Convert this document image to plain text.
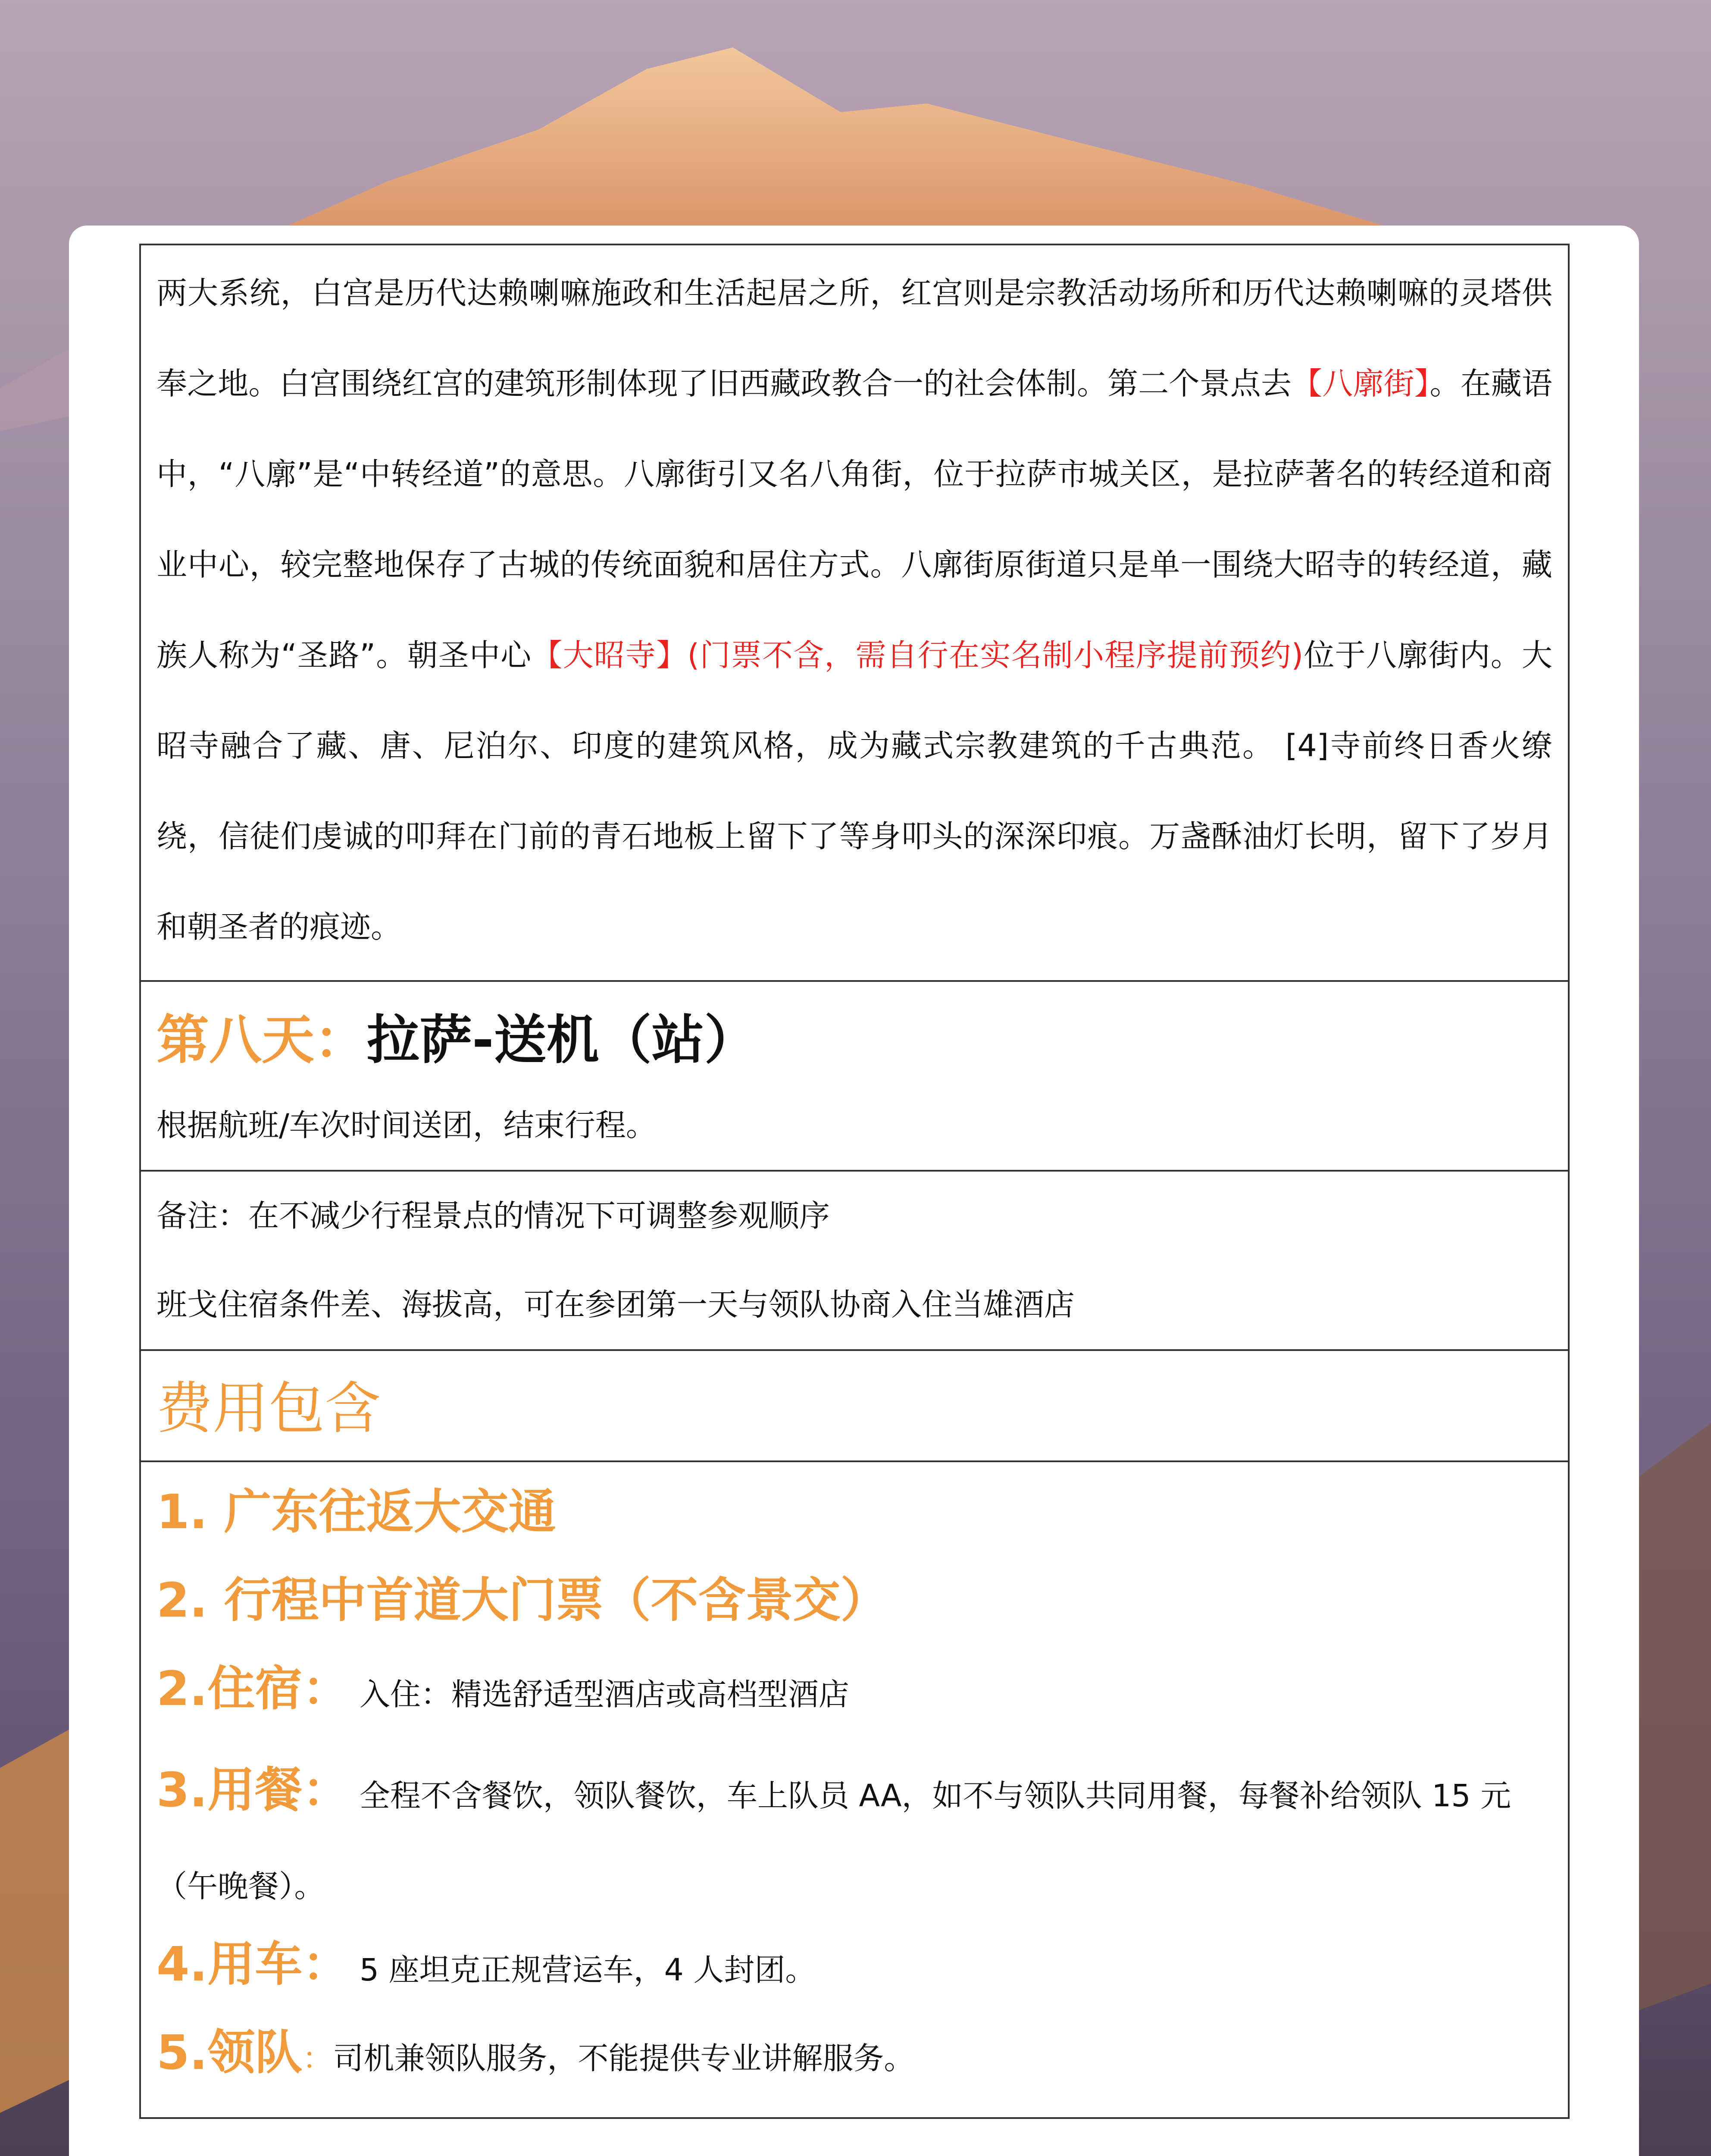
两大系统，白宫是历代达赖喇嘛施政和生活起居之所，红宫则是宗教活动场所和历代达赖喇嘛的灵塔供奉之地。白宫围绕红宫的建筑形制体现了旧西藏政教合一的社会体制。第二个景点去【八廓街】。在藏语中，“八廓”是“中转经道”的意思。八廓街引又名八角街，位于拉萨市城关区，是拉萨著名的转经道和商业中心，较完整地保存了古城的传统面貌和居住方式。八廓街原街道只是单一围绕大昭寺的转经道，藏族人称为“圣路”。朝圣中心【大昭寺】(门票不含，需自行在实名制小程序提前预约)位于八廓街内。大昭寺融合了藏、唐、尼泊尔、印度的建筑风格，成为藏式宗教建筑的千古典范。 [4]寺前终日香火缭绕，信徒们虔诚的叩拜在门前的青石地板上留下了等身叩头的深深印痕。万盏酥油灯长明，留下了岁月和朝圣者的痕迹。

第八天：拉萨-送机（站）

根据航班/车次时间送团，结束行程。

备注：在不减少行程景点的情况下可调整参观顺序

班戈住宿条件差、海拔高，可在参团第一天与领队协商入住当雄酒店

费用包含

1. 广东往返大交通

2. 行程中首道大门票（不含景交）

2.住宿： 入住：精选舒适型酒店或高档型酒店

3.用餐： 全程不含餐饮，领队餐饮，车上队员 AA，如不与领队共同用餐，每餐补给领队 15 元（午晚餐）。

4.用车： 5 座坦克正规营运车，4 人封团。

5.领队：司机兼领队服务，不能提供专业讲解服务。
